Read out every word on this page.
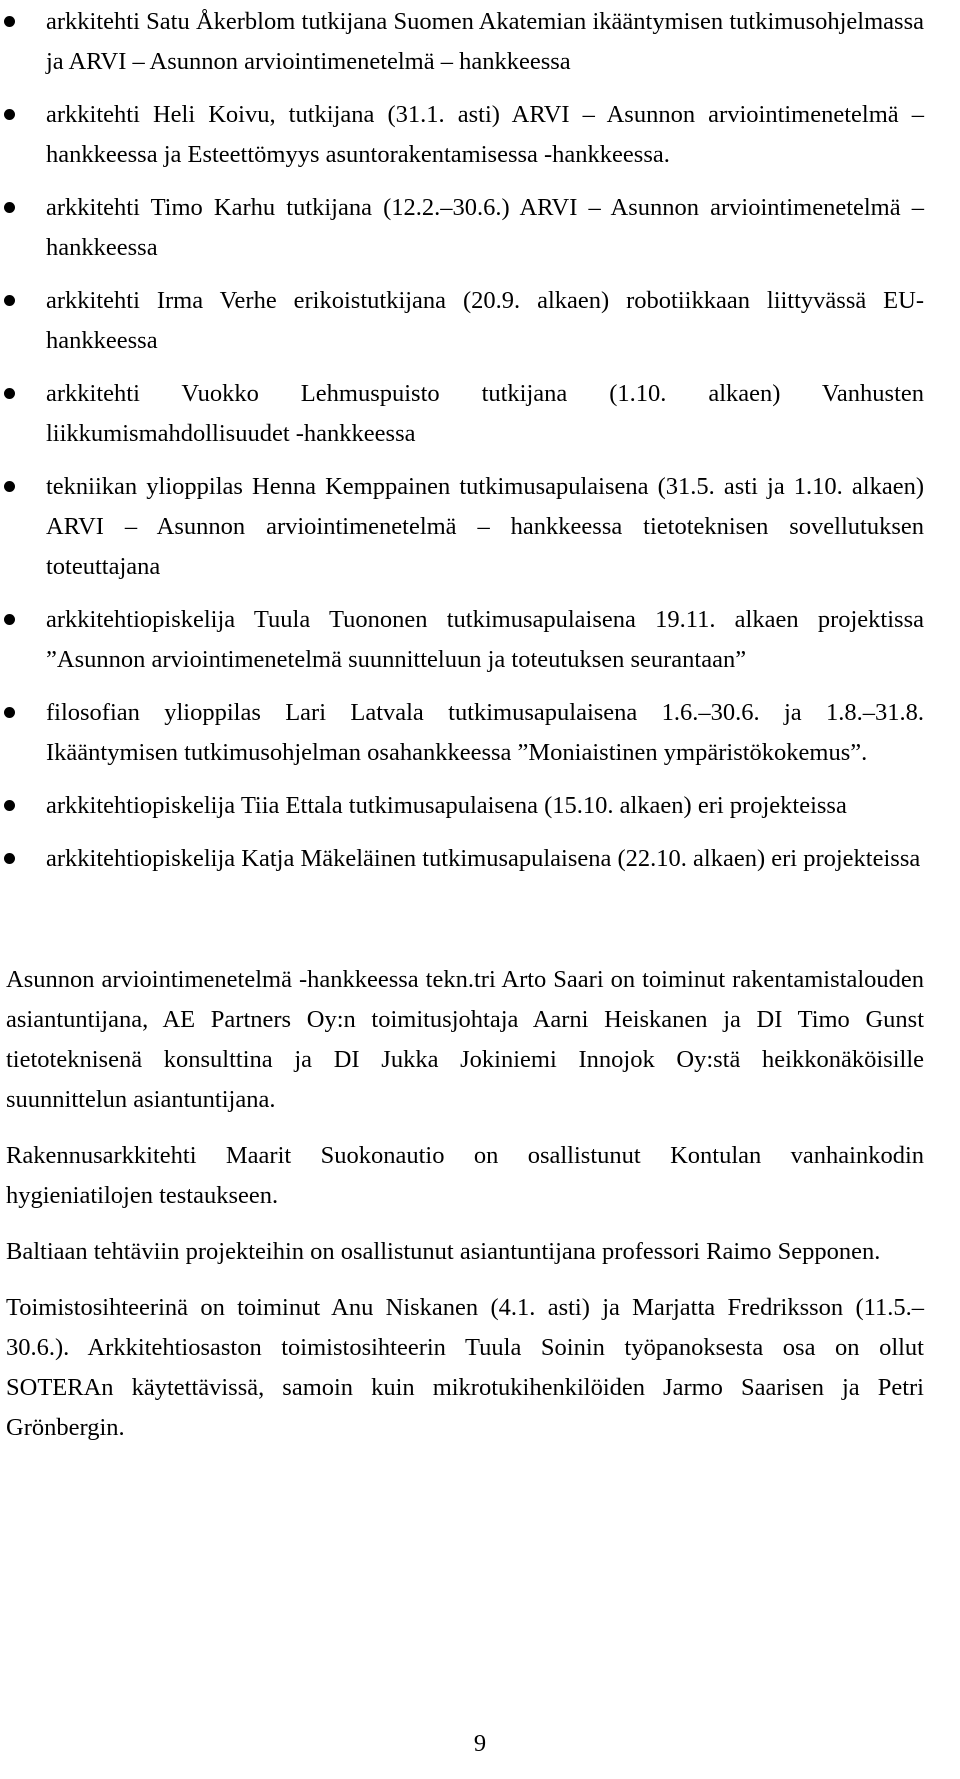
arkkitehti Satu Åkerblom tutkijana Suomen Akatemian ikääntymisen tutkimusohjelmassa ja ARVI – Asunnon arviointimenetelmä – hankkeessa
arkkitehti Heli Koivu, tutkijana (31.1. asti) ARVI – Asunnon arviointimenetelmä – hankkeessa ja Esteettömyys asuntorakentamisessa -hankkeessa.
arkkitehti Timo Karhu tutkijana (12.2.–30.6.) ARVI – Asunnon arviointimenetelmä – hankkeessa
arkkitehti Irma Verhe erikoistutkijana (20.9. alkaen) robotiikkaan liittyvässä EU-hankkeessa
arkkitehti Vuokko Lehmuspuisto tutkijana (1.10. alkaen) Vanhusten liikkumismahdollisuudet -hankkeessa
tekniikan ylioppilas Henna Kemppainen tutkimusapulaisena (31.5. asti ja 1.10. alkaen) ARVI – Asunnon arviointimenetelmä – hankkeessa tietoteknisen sovellutuksen toteuttajana
arkkitehtiopiskelija Tuula Tuononen tutkimusapulaisena 19.11. alkaen projektissa ”Asunnon arviointimenetelmä suunnitteluun ja toteutuksen seurantaan”
filosofian ylioppilas Lari Latvala tutkimusapulaisena 1.6.–30.6. ja 1.8.–31.8. Ikääntymisen tutkimusohjelman osahankkeessa ”Moniaistinen ympäristökokemus”.
arkkitehtiopiskelija Tiia Ettala tutkimusapulaisena (15.10. alkaen) eri projekteissa
arkkitehtiopiskelija Katja Mäkeläinen tutkimusapulaisena (22.10. alkaen) eri projekteissa

Asunnon arviointimenetelmä -hankkeessa tekn.tri Arto Saari on toiminut rakentamistalouden asiantuntijana, AE Partners Oy:n toimitusjohtaja Aarni Heiskanen ja DI Timo Gunst tietoteknisenä konsulttina ja DI Jukka Jokiniemi Innojok Oy:stä heikkonäköisille suunnittelun asiantuntijana.

Rakennusarkkitehti Maarit Suokonautio on osallistunut Kontulan vanhainkodin hygieniatilojen testaukseen.

Baltiaan tehtäviin projekteihin on osallistunut asiantuntijana professori Raimo Sepponen.

Toimistosihteerinä on toiminut Anu Niskanen (4.1. asti) ja Marjatta Fredriksson (11.5.–30.6.). Arkkitehtiosaston toimistosihteerin Tuula Soinin työpanoksesta osa on ollut SOTERAn käytettävissä, samoin kuin mikrotukihenkilöiden Jarmo Saarisen ja Petri Grönbergin.

9
